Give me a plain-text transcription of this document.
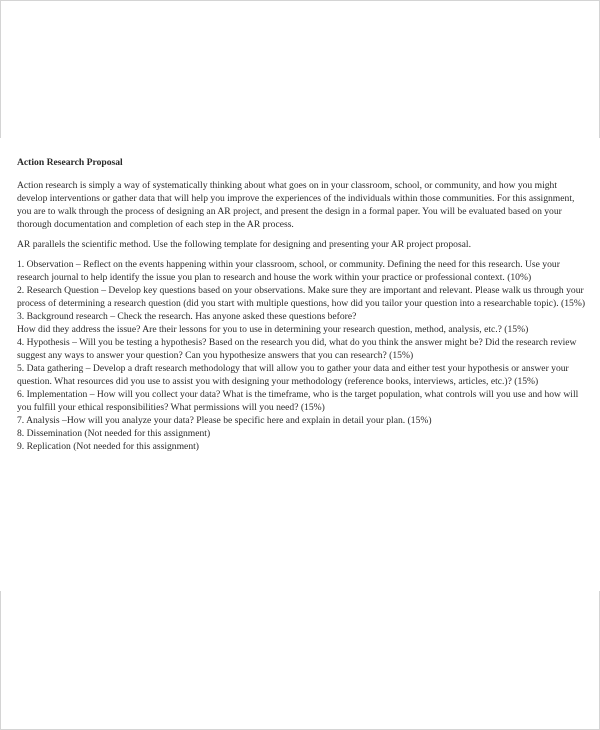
Action Research Proposal

Action research is simply a way of systematically thinking about what goes on in your classroom, school, or community, and how you might develop interventions or gather data that will help you improve the experiences of the individuals within those communities. For this assignment, you are to walk through the process of designing an AR project, and present the design in a formal paper. You will be evaluated based on your thorough documentation and completion of each step in the AR process.

AR parallels the scientific method. Use the following template for designing and presenting your AR project proposal.

1. Observation – Reflect on the events happening within your classroom, school, or community. Defining the need for this research. Use your research journal to help identify the issue you plan to research and house the work within your practice or professional context. (10%)

2. Research Question – Develop key questions based on your observations. Make sure they are important and relevant. Please walk us through your process of determining a research question (did you start with multiple questions, how did you tailor your question into a researchable topic). (15%)

3. Background research – Check the research. Has anyone asked these questions before?

How did they address the issue? Are their lessons for you to use in determining your research question, method, analysis, etc.? (15%)

4. Hypothesis – Will you be testing a hypothesis? Based on the research you did, what do you think the answer might be? Did the research review suggest any ways to answer your question? Can you hypothesize answers that you can research? (15%)

5. Data gathering – Develop a draft research methodology that will allow you to gather your data and either test your hypothesis or answer your question. What resources did you use to assist you with designing your methodology (reference books, interviews, articles, etc.)? (15%)

6. Implementation – How will you collect your data? What is the timeframe, who is the target population, what controls will you use and how will you fulfill your ethical responsibilities? What permissions will you need? (15%)

7. Analysis –How will you analyze your data? Please be specific here and explain in detail your plan. (15%)

8. Dissemination (Not needed for this assignment)

9. Replication (Not needed for this assignment)
